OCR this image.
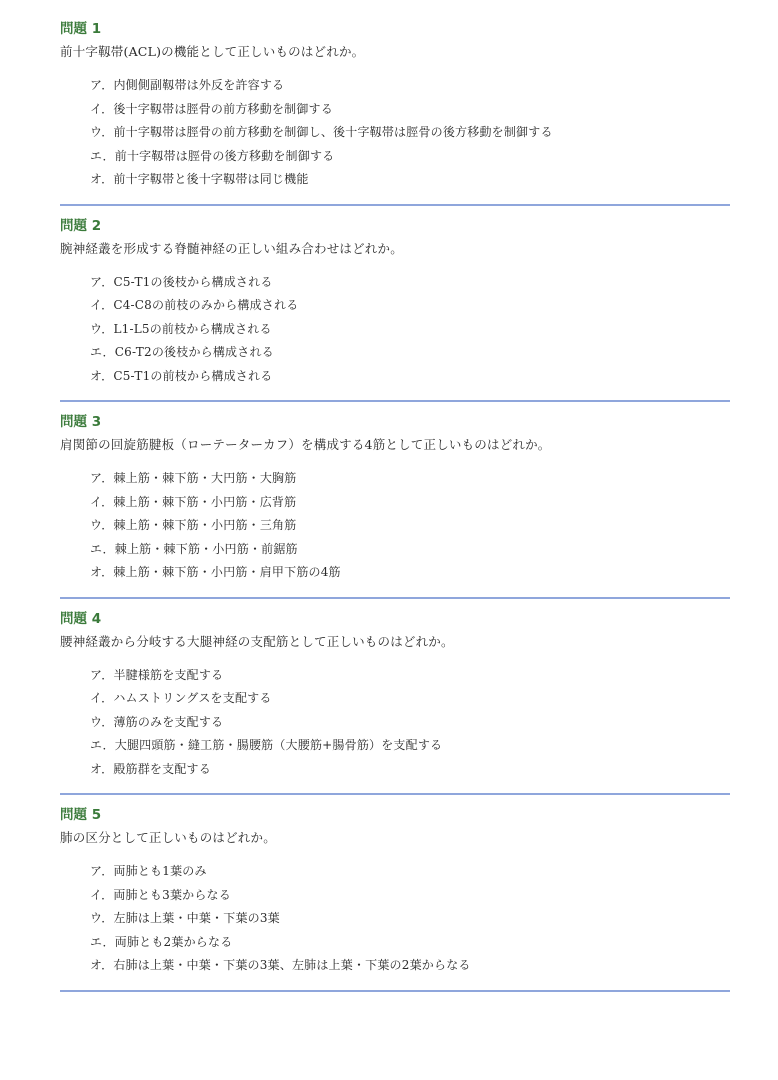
問題 1
前十字靱帯(ACL)の機能として正しいものはどれか。
ア．内側側副靱帯は外反を許容する
イ．後十字靱帯は脛骨の前方移動を制御する
ウ．前十字靱帯は脛骨の前方移動を制御し、後十字靱帯は脛骨の後方移動を制御する
エ．前十字靱帯は脛骨の後方移動を制御する
オ．前十字靱帯と後十字靱帯は同じ機能
問題 2
腕神経叢を形成する脊髄神経の正しい組み合わせはどれか。
ア．C5-T1の後枝から構成される
イ．C4-C8の前枝のみから構成される
ウ．L1-L5の前枝から構成される
エ．C6-T2の後枝から構成される
オ．C5-T1の前枝から構成される
問題 3
肩関節の回旋筋腱板（ローテーターカフ）を構成する4筋として正しいものはどれか。
ア．棘上筋・棘下筋・大円筋・大胸筋
イ．棘上筋・棘下筋・小円筋・広背筋
ウ．棘上筋・棘下筋・小円筋・三角筋
エ．棘上筋・棘下筋・小円筋・前鋸筋
オ．棘上筋・棘下筋・小円筋・肩甲下筋の4筋
問題 4
腰神経叢から分岐する大腿神経の支配筋として正しいものはどれか。
ア．半腱様筋を支配する
イ．ハムストリングスを支配する
ウ．薄筋のみを支配する
エ．大腿四頭筋・縫工筋・腸腰筋（大腰筋+腸骨筋）を支配する
オ．殿筋群を支配する
問題 5
肺の区分として正しいものはどれか。
ア．両肺とも1葉のみ
イ．両肺とも3葉からなる
ウ．左肺は上葉・中葉・下葉の3葉
エ．両肺とも2葉からなる
オ．右肺は上葉・中葉・下葉の3葉、左肺は上葉・下葉の2葉からなる
